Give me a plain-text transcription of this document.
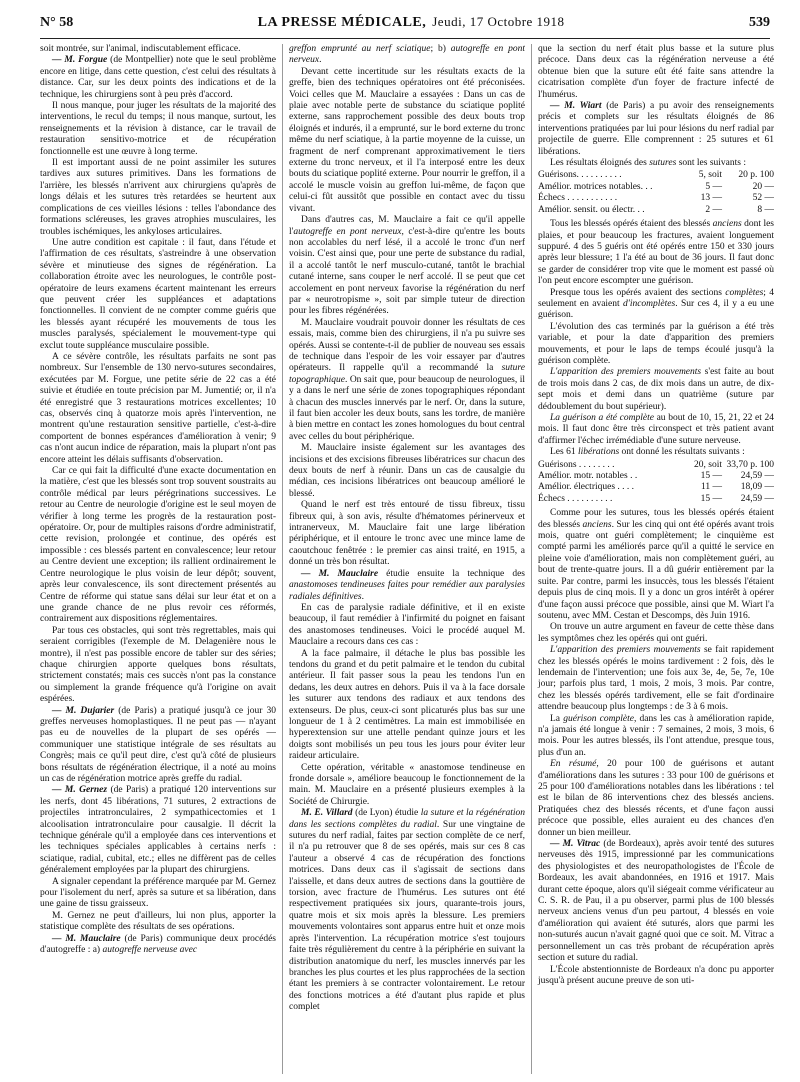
N° 58	LA PRESSE MÉDICALE, Jeudi, 17 Octobre 1918	539

soit montrée, sur l'animal, indiscutablement efficace.

— M. Forgue (de Montpellier) note que le seul problème encore en litige, dans cette question, c'est celui des résultats à distance. Car, sur les deux points des indications et de la technique, les chirurgiens sont à peu près d'accord.

Il nous manque, pour juger les résultats de la majorité des interventions, le recul du temps; il nous manque, surtout, les renseignements et la révision à distance, car le travail de restauration sensitivo-motrice et de récupération fonctionnelle est une œuvre à long terme.

Il est important aussi de ne point assimiler les sutures tardives aux sutures primitives. Dans les formations de l'arrière, les blessés n'arrivent aux chirurgiens qu'après de longs délais et les sutures très retardées se heurtent aux complications de ces vieilles lésions : telles l'abondance des formations scléreuses, les graves atrophies musculaires, les troubles ischémiques, les ankyloses articulaires.

Une autre condition est capitale : il faut, dans l'étude et l'affirmation de ces résultats, s'astreindre à une observation sévère et minutieuse des signes de régénération. La collaboration étroite avec les neurologues, le contrôle post-opératoire de leurs examens écartent maintenant les erreurs que peuvent créer les suppléances et adaptations fonctionnelles. Il convient de ne compter comme guéris que les blessés ayant récupéré les mouvements de tous les muscles paralysés, spécialement le mouvement-type qui exclut toute suppléance musculaire possible.

A ce sévère contrôle, les résultats parfaits ne sont pas nombreux. Sur l'ensemble de 130 nervo-sutures secondaires, exécutées par M. Forgue, une petite série de 22 cas a été suivie et étudiée en toute précision par M. Jumentié; or, il n'a été enregistré que 3 restaurations motrices excellentes; 10 cas, observés cinq à quatorze mois après l'intervention, ne montrent qu'une restauration sensitive partielle, c'est-à-dire comportent de bonnes espérances d'amélioration à venir; 9 cas n'ont aucun indice de réparation, mais la plupart n'ont pas encore atteint les délais suffisants d'observation.

Car ce qui fait la difficulté d'une exacte documentation en la matière, c'est que les blessés sont trop souvent soustraits au contrôle médical par leurs pérégrinations successives. Le retour au Centre de neurologie d'origine est le seul moyen de vérifier à long terme les progrès de la restauration post-opératoire. Or, pour de multiples raisons d'ordre administratif, cette revision, prolongée et continue, des opérés est impossible : ces blessés partent en convalescence; leur retour au Centre devient une exception; ils rallient ordinairement le Centre neurologique le plus voisin de leur dépôt; souvent, après leur convalescence, ils sont directement présentés au Centre de réforme qui statue sans délai sur leur état et on a une grande chance de ne plus revoir ces réformés, contrairement aux dispositions réglementaires.

Par tous ces obstacles, qui sont très regrettables, mais qui seraient corrigibles (l'exemple de M. Delagenière nous le montre), il n'est pas possible encore de tabler sur des séries; chaque chirurgien apporte quelques bons résultats, strictement constatés; mais ces succès n'ont pas la constance ou simplement la grande fréquence qu'à l'origine on avait espérées.

— M. Dujarier (de Paris) a pratiqué jusqu'à ce jour 30 greffes nerveuses homoplastiques. Il ne peut pas — n'ayant pas eu de nouvelles de la plupart de ses opérés — communiquer une statistique intégrale de ses résultats au Congrès; mais ce qu'il peut dire, c'est qu'à côté de plusieurs bons résultats de régénération électrique, il a noté au moins un cas de régénération motrice après greffe du radial.

— M. Gernez (de Paris) a pratiqué 120 interventions sur les nerfs, dont 45 libérations, 71 sutures, 2 extractions de projectiles intratronculaires, 2 sympathicectomies et 1 alcoolisation intratronculaire pour causalgie. Il décrit la technique générale qu'il a employée dans ces interventions et les techniques spéciales applicables à certains nerfs : sciatique, radial, cubital, etc.; elles ne diffèrent pas de celles généralement employées par la plupart des chirurgiens.

A signaler cependant la préférence marquée par M. Gernez pour l'isolement du nerf, après sa suture et sa libération, dans une gaine de tissu graisseux.

M. Gernez ne peut d'ailleurs, lui non plus, apporter la statistique complète des résultats de ses opérations.

— M. Mauclaire (de Paris) communique deux procédés d'autogreffe : a) autogreffe nerveuse avec

greffon emprunté au nerf sciatique; b) autogreffe en pont nerveux.

Devant cette incertitude sur les résultats exacts de la greffe, bien des techniques opératoires ont été préconisées. Voici celles que M. Mauclaire a essayées : Dans un cas de plaie avec notable perte de substance du sciatique poplité externe, sans rapprochement possible des deux bouts trop éloignés et indurés, il a emprunté, sur le bord externe du tronc même du nerf sciatique, à la partie moyenne de la cuisse, un fragment de nerf comprenant approximativement le tiers externe du tronc nerveux, et il l'a interposé entre les deux bouts du sciatique poplité externe. Pour nourrir le greffon, il a accolé le muscle voisin au greffon lui-même, de façon que celui-ci fût aussitôt que possible en contact avec du tissu vivant.

Dans d'autres cas, M. Mauclaire a fait ce qu'il appelle l'autogreffe en pont nerveux, c'est-à-dire qu'entre les bouts non accolables du nerf lésé, il a accolé le tronc d'un nerf voisin. C'est ainsi que, pour une perte de substance du radial, il a accolé tantôt le nerf musculo-cutané, tantôt le brachial cutané interne, sans couper le nerf accolé. Il se peut que cet accolement en pont nerveux favorise la régénération du nerf par « neurotropisme », soit par simple tuteur de direction pour les fibres régénérées.

M. Mauclaire voudrait pouvoir donner les résultats de ces essais, mais, comme bien des chirurgiens, il n'a pu suivre ses opérés. Aussi se contente-t-il de publier de nouveau ses essais de technique dans l'espoir de les voir essayer par d'autres opérateurs. Il rappelle qu'il a recommandé la suture topographique. On sait que, pour beaucoup de neurologues, il y a dans le nerf une série de zones topographiques répondant à chacun des muscles innervés par le nerf. Or, dans la suture, il faut bien accoler les deux bouts, sans les tordre, de manière à bien mettre en contact les zones homologues du bout central avec celles du bout périphérique.

M. Mauclaire insiste également sur les avantages des incisions et des excisions fibreuses libératrices sur chacun des deux bouts de nerf à réunir. Dans un cas de causalgie du médian, ces incisions libératrices ont beaucoup amélioré le blessé.

Quand le nerf est très entouré de tissu fibreux, tissu fibreux qui, à son avis, résulte d'hématomes périnerveux et intranerveux, M. Mauclaire fait une large libération périphérique, et il entoure le tronc avec une mince lame de caoutchouc fenêtrée : le premier cas ainsi traité, en 1915, a donné un très bon résultat.

— M. Mauclaire étudie ensuite la technique des anastomoses tendineuses faites pour remédier aux paralysies radiales définitives.

En cas de paralysie radiale définitive, et il en existe beaucoup, il faut remédier à l'infirmité du poignet en faisant des anastomoses tendineuses. Voici le procédé auquel M. Mauclaire a recours dans ces cas :

A la face palmaire, il détache le plus bas possible les tendons du grand et du petit palmaire et le tendon du cubital antérieur. Il fait passer sous la peau les tendons l'un en dedans, les deux autres en dehors. Puis il va à la face dorsale les suturer aux tendons des radiaux et aux tendons des extenseurs. De plus, ceux-ci sont plicaturés plus bas sur une longueur de 1 à 2 centimètres. La main est immobilisée en hyperextension sur une attelle pendant quinze jours et les doigts sont mobilisés un peu tous les jours pour éviter leur raideur articulaire.

Cette opération, véritable « anastomose tendineuse en fronde dorsale », améliore beaucoup le fonctionnement de la main. M. Mauclaire en a présenté plusieurs exemples à la Société de Chirurgie.

M. E. Villard (de Lyon) étudie la suture et la régénération dans les sections complètes du radial. Sur une vingtaine de sutures du nerf radial, faites par section complète de ce nerf, il n'a pu retrouver que 8 de ses opérés, mais sur ces 8 cas l'auteur a observé 4 cas de récupération des fonctions motrices. Dans deux cas il s'agissait de sections dans l'aisselle, et dans deux autres de sections dans la gouttière de torsion, avec fracture de l'humérus. Les sutures ont été respectivement pratiquées six jours, quarante-trois jours, quatre mois et six mois après la blessure. Les premiers mouvements volontaires sont apparus entre huit et onze mois après l'intervention. La récupération motrice s'est toujours faite très régulièrement du centre à la périphérie en suivant la distribution anatomique du nerf, les muscles innervés par les branches les plus courtes et les plus rapprochées de la section étant les premiers à se contracter volontairement. Le retour des fonctions motrices a été d'autant plus rapide et plus complet

que la section du nerf était plus basse et la suture plus précoce. Dans deux cas la régénération nerveuse a été obtenue bien que la suture eût été faite sans attendre la cicatrisation complète d'un foyer de fracture infecté de l'humérus.

— M. Wiart (de Paris) a pu avoir des renseignements précis et complets sur les résultats éloignés de 86 interventions pratiquées par lui pour lésions du nerf radial par projectile de guerre. Elle comprennent : 25 sutures et 61 libérations.

Les résultats éloignés des sutures sont les suivants :

Guérisons. . . . . . . . . .	5, soit	20 p. 100
Amélior. motrices notables. . .	5 —	20 —
Échecs . . . . . . . . . . .	13 —	52 —
Amélior. sensit. ou électr. . .	2 —	8 —

Tous les blessés opérés étaient des blessés anciens dont les plaies, et pour beaucoup les fractures, avaient longuement suppuré. 4 des 5 guéris ont été opérés entre 150 et 330 jours après leur blessure; 1 l'a été au bout de 36 jours. Il faut donc se garder de considérer trop vite que le moment est passé où l'on peut encore escompter une guérison.

Presque tous les opérés avaient des sections complètes; 4 seulement en avaient d'incomplètes. Sur ces 4, il y a eu une guérison.

L'évolution des cas terminés par la guérison a été très variable, et pour la date d'apparition des premiers mouvements, et pour le laps de temps écoulé jusqu'à la guérison complète.

L'apparition des premiers mouvements s'est faite au bout de trois mois dans 2 cas, de dix mois dans un autre, de dix-sept mois et demi dans un quatrième (suture par dédoublement du bout supérieur).

La guérison a été complète au bout de 10, 15, 21, 22 et 24 mois. Il faut donc être très circonspect et très patient avant d'affirmer l'échec irrémédiable d'une suture nerveuse.

Les 61 libérations ont donné les résultats suivants :

Guérisons . . . . . . . .	20, soit	33,70 p. 100
Amélior. motr. notables . .	15 —	24,59 —
Amélior. électriques . . . .	11 —	18,09 —
Échecs . . . . . . . . . .	15 —	24,59 —

Comme pour les sutures, tous les blessés opérés étaient des blessés anciens. Sur les cinq qui ont été opérés avant trois mois, quatre ont guéri complètement; le cinquième est compté parmi les améliorés parce qu'il a quitté le service en pleine voie d'amélioration, mais non complètement guéri, au bout de trente-quatre jours. Il a dû guérir entièrement par la suite. Par contre, parmi les insuccès, tous les blessés l'étaient depuis plus de cinq mois. Il y a donc un gros intérêt à opérer d'une façon aussi précoce que possible, ainsi que M. Wiart l'a soutenu, avec MM. Cestan et Descomps, dès Juin 1916.

On trouve un autre argument en faveur de cette thèse dans les symptômes chez les opérés qui ont guéri.

L'apparition des premiers mouvements se fait rapidement chez les blessés opérés le moins tardivement : 2 fois, dès le lendemain de l'intervention; une fois aux 3e, 4e, 5e, 7e, 10e jour; parfois plus tard, 1 mois, 2 mois, 3 mois. Par contre, chez les blessés opérés tardivement, elle se fait d'ordinaire attendre beaucoup plus longtemps : de 3 à 6 mois.

La guérison complète, dans les cas à amélioration rapide, n'a jamais été longue à venir : 7 semaines, 2 mois, 3 mois, 6 mois. Pour les autres blessés, ils l'ont attendue, presque tous, plus d'un an.

En résumé, 20 pour 100 de guérisons et autant d'améliorations dans les sutures : 33 pour 100 de guérisons et 25 pour 100 d'améliorations notables dans les libérations : tel est le bilan de 86 interventions chez des blessés anciens. Pratiquées chez des blessés récents, et d'une façon aussi précoce que possible, elles auraient eu des chances d'en donner un bien meilleur.

— M. Vitrac (de Bordeaux), après avoir tenté des sutures nerveuses dès 1915, impressionné par les communications des physiologistes et des neuropathologistes de l'École de Bordeaux, les avait abandonnées, en 1916 et 1917. Mais durant cette époque, alors qu'il siégeait comme vérificateur au C. S. R. de Pau, il a pu observer, parmi plus de 100 blessés nerveux anciens venus d'un peu partout, 4 blessés en voie d'amélioration qui avaient été suturés, alors que parmi les non-suturés aucun n'avait gagné quoi que ce soit. M. Vitrac a personnellement un cas très probant de récupération après section et suture du radial.

L'École abstentionniste de Bordeaux n'a donc pu apporter jusqu'à présent aucune preuve de son uti-
